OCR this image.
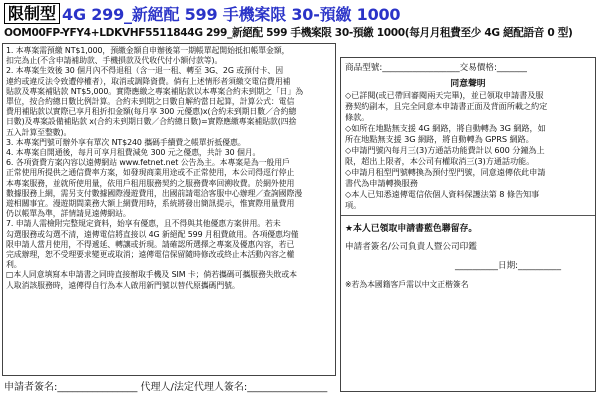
限制型 4G 299_新絕配 599 手機案限 30-預繳 1000
OOM00FP-YFY4+LDKVHF5511844G 299_新絕配 599 手機案限 30-預繳 1000(每月月租費至少 4G 絕配語音 0 型)

1. 本專案需預繳 NT$1,000，預繳金額自申辦後第一期帳單起開始抵扣帳單金額，

扣完為止(不含申請補助款、手機損款及代收代付小額付款等)。

2. 本專案生效後 30 個月內不得退租（含一退一租、轉至 3G、2G 或預付卡、因

違約或違反法令致遭停權者），取消或調降資費。倘有上述情形者須繳交電信費用補

貼款及專案補貼款 NT$5,000。實際應繳之專案補貼款以本專案合約未到期之「日」為

單位，按合約總日數比例計算。合約未到期之日數自解約當日起算，計算公式：電信

費用補貼款以實際已享月租折扣金額(每月享 300 元優惠)x(合約未到期日數／合約總

日數)及專案設備補貼款 x(合約未到期日數／合約總日數)=實際應繳專案補貼款(四捨

五入計算至整數)。

3. 本專案門號可辦外享有單次 NT$240 攜碼手續費之帳單折抵優惠。

4. 本專案自開通後，每月可享月租費減免 300 元之優惠，共計 30 個月。

6. 各項資費方案內容以遠傳網站 www.fetnet.net 公告為主。本專案是為一般用戶

正常使用所提供之通信費率方案，如發現商業用途或不正常使用，本公司得逕行停止

本專案服務，並就所使用量，依用戶租用服務契約之服務費率回溯收費。於網外使用

數據服務上網，需另支付數據國際漫遊費用，出國前請電洽客服中心辦理／查詢國際漫

遊相關事宜。漫遊期間業務大額上網費用時，系統將發出簡訊提示，惟實際用量費用

仍以帳單為準，詳情請見遠傳網站。

7. 申請人需檢附完整規定資料，始享有優惠，且不得與其他優惠方案併用。若未

勾選服務或勾選不清，遠傳電信將直接以 4G 新絕配 599 月租費啟用。各項優惠均僅

限申請人當月使用，不得遞延、轉讓或折現。請確認所選擇之專案及優惠內容，若已

完成辦理，恕不受理要求變更或取消；遠傳電信保留隨時修改或終止本活動內容之權

利。

□本人同意填寫本申請書之同時直接辦取手機及 SIM 卡；倘若攜碼可攜服務失敗或本

人取消該服務時，遠傳得自行為本人啟用新門號以替代原攜碼門號。

申請者簽名:________________ 代理人/法定代理人簽名:________________
商品型號:__________________交易價格:_______
同意聲明

◇已詳閱(或已帶回審閱兩天完畢)，並已領取申請書及服

務契約副本，且完全同意本申請書正面及背面所載之約定

條款。

◇如所在地點無支援 4G 網路，將自動轉為 3G 網路，如

所在地點無支援 3G 網路，將自動轉為 GPRS 網路。

◇申請門號內每月三(3)方通話功能費計以 600 分鐘為上

限，超出上限者，本公司有權取消三(3)方通話功能。

◇申請月租型門號轉換為預付型門號，同意遠傳依此申請

書代為申請轉換服務

◇本人已知悉遠傳電信依個人資料保護法第 8 條告知事

項。

★本人已領取申請書藍色聯留存。
申請者簽名/公司負責人暨公司印鑑
__________日期:__________
※若為本國籍客戶需以中文正楷簽名
